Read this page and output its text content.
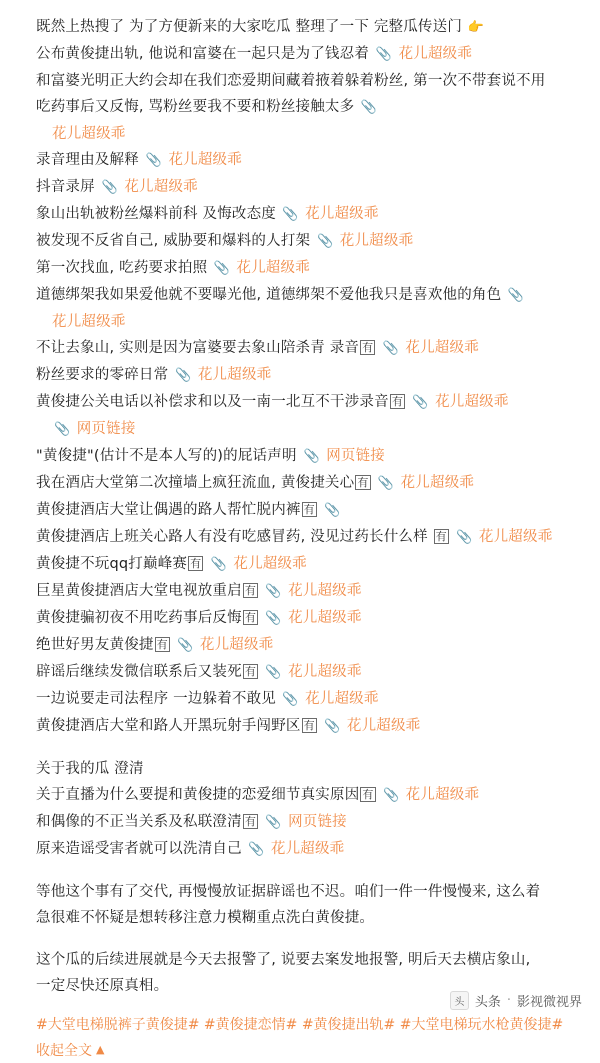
既然上热搜了 为了方便新来的大家吃瓜 整理了一下 完整瓜传送门 👉
公布黄俊捷出轨, 他说和富婆在一起只是为了钱忍着 📎 花儿超级乖
和富婆光明正大约会却在我们恋爱期间藏着掖着躲着粉丝, 第一次不带套说不用
吃药事后又反悔, 骂粉丝要我不要和粉丝接触太多 📎
花儿超级乖
录音理由及解释 📎 花儿超级乖
抖音录屏 📎 花儿超级乖
象山出轨被粉丝爆料前科 及悔改态度 📎 花儿超级乖
被发现不反省自己, 威胁要和爆料的人打架 📎 花儿超级乖
第一次找血, 吃药要求拍照 📎 花儿超级乖
道德绑架我如果爱他就不要曝光他, 道德绑架不爱他我只是喜欢他的角色 📎
花儿超级乖
不让去象山, 实则是因为富婆要去象山陪杀青 录音 有 📎 花儿超级乖
粉丝要求的零碎日常 📎 花儿超级乖
黄俊捷公关电话以补偿求和以及一南一北互不干涉录音 有 📎 花儿超级乖
📎 网页链接
"黄俊捷"(估计不是本人写的)的屁话声明 📎 网页链接
我在酒店大堂第二次撞墙上疯狂流血, 黄俊捷关心 有 📎 花儿超级乖
黄俊捷酒店大堂让偶遇的路人帮忙脱内裤 有 📎
黄俊捷酒店上班关心路人有没有吃感冒药, 没见过药长什么样 有 📎 花儿超级乖
黄俊捷不玩qq打巅峰赛 有 📎 花儿超级乖
巨星黄俊捷酒店大堂电视放重启 有 📎 花儿超级乖
黄俊捷骗初夜不用吃药事后反悔 有 📎 花儿超级乖
绝世好男友黄俊捷 有 📎 花儿超级乖
辟谣后继续发微信联系后又装死 有 📎 花儿超级乖
一边说要走司法程序 一边躲着不敢见 📎 花儿超级乖
黄俊捷酒店大堂和路人开黑玩射手闯野区 有 📎 花儿超级乖
关于我的瓜 澄清
关于直播为什么要提和黄俊捷的恋爱细节真实原因 有 📎 花儿超级乖
和偶像的不正当关系及私联澄清 有 📎 网页链接
原来造谣受害者就可以洗清自己 📎 花儿超级乖
等他这个事有了交代, 再慢慢放证据辟谣也不迟。咱们一件一件慢慢来, 这么着
急很难不怀疑是想转移注意力模糊重点洗白黄俊捷。
这个瓜的后续进展就是今天去报警了, 说要去案发地报警, 明后天去横店象山,
一定尽快还原真相。
#大堂电梯脱裤子黄俊捷# #黄俊捷恋情# #黄俊捷出轨# #大堂电梯玩水枪黄俊捷#
收起全文 ▲
头 头条 · 影视微视界
